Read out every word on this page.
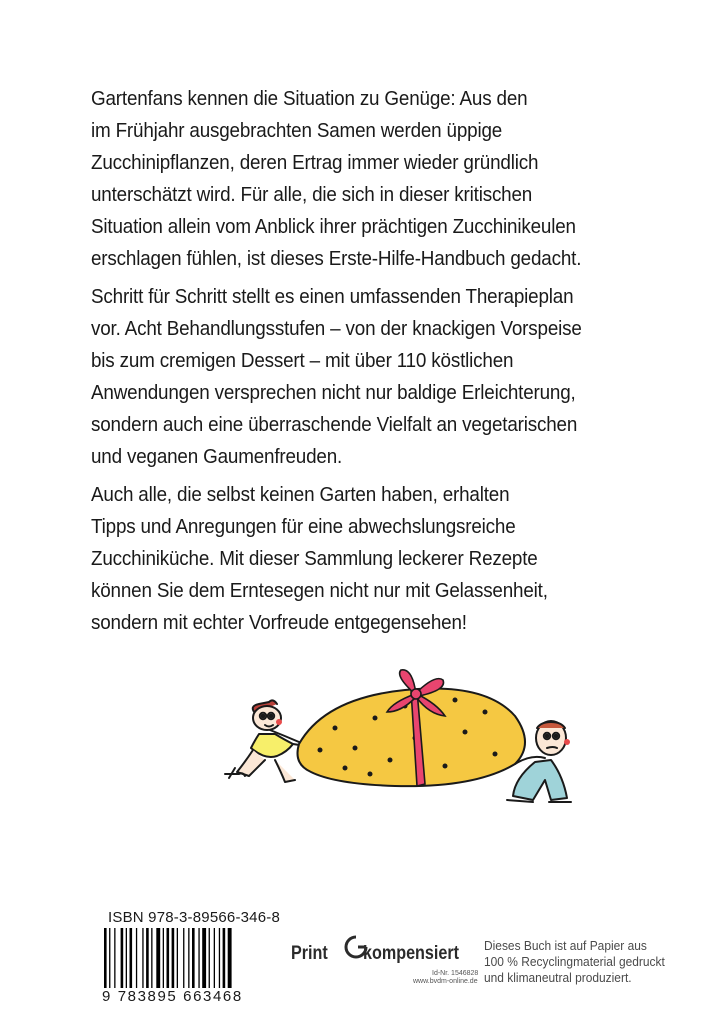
Gartenfans kennen die Situation zu Genüge: Aus den

im Frühjahr ausgebrachten Samen werden üppige

Zucchinipflanzen, deren Ertrag immer wieder gründlich

unterschätzt wird. Für alle, die sich in dieser kritischen

Situation allein vom Anblick ihrer prächtigen Zucchinikeulen

erschlagen fühlen, ist dieses Erste-Hilfe-Handbuch gedacht.

Schritt für Schritt stellt es einen umfassenden Therapieplan

vor. Acht Behandlungsstufen – von der knackigen Vorspeise

bis zum cremigen Dessert – mit über 110 köstlichen

Anwendungen versprechen nicht nur baldige Erleichterung,

sondern auch eine überraschende Vielfalt an vegetarischen

und veganen Gaumenfreuden.

Auch alle, die selbst keinen Garten haben, erhalten

Tipps und Anregungen für eine abwechslungsreiche

Zucchiniküche. Mit dieser Sammlung leckerer Rezepte

können Sie dem Erntesegen nicht nur mit Gelassenheit,

sondern mit echter Vorfreude entgegensehen!

ISBN 978-3-89566-346-8
9 783895 663468
Print kompensiert
Id-Nr. 1546828
www.bvdm-online.de
Dieses Buch ist auf Papier aus
100 % Recyclingmaterial gedruckt
und klimaneutral produziert.
